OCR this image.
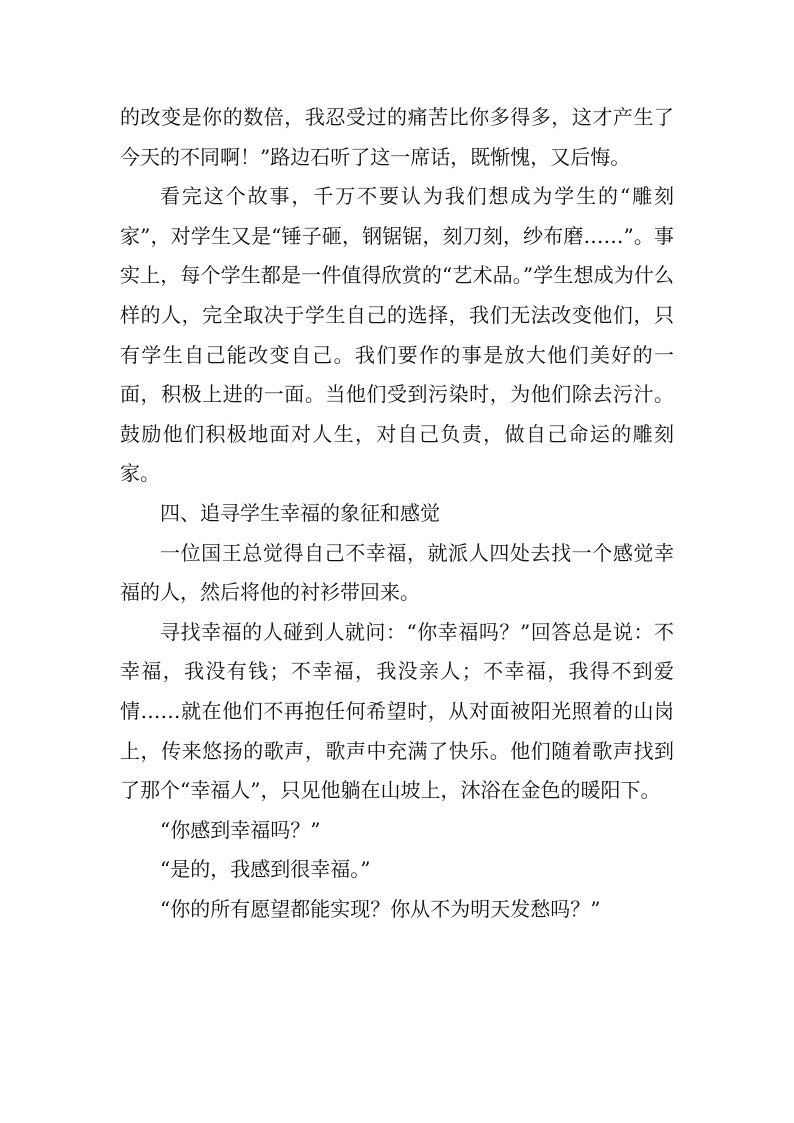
的改变是你的数倍，我忍受过的痛苦比你多得多，这才产生了今天的不同啊！”路边石听了这一席话，既惭愧，又后悔。

看完这个故事，千万不要认为我们想成为学生的“雕刻家”，对学生又是“锤子砸，钢锯锯，刻刀刻，纱布磨……”。事实上，每个学生都是一件值得欣赏的“艺术品。”学生想成为什么样的人，完全取决于学生自己的选择，我们无法改变他们，只有学生自己能改变自己。我们要作的事是放大他们美好的一面，积极上进的一面。当他们受到污染时，为他们除去污汁。鼓励他们积极地面对人生，对自己负责，做自己命运的雕刻家。

四、追寻学生幸福的象征和感觉

一位国王总觉得自己不幸福，就派人四处去找一个感觉幸福的人，然后将他的衬衫带回来。

寻找幸福的人碰到人就问：“你幸福吗？”回答总是说：不幸福，我没有钱；不幸福，我没亲人；不幸福，我得不到爱情……就在他们不再抱任何希望时，从对面被阳光照着的山岗上，传来悠扬的歌声，歌声中充满了快乐。他们随着歌声找到了那个“幸福人”，只见他躺在山坡上，沐浴在金色的暖阳下。

“你感到幸福吗？”

“是的，我感到很幸福。”

“你的所有愿望都能实现？你从不为明天发愁吗？”
